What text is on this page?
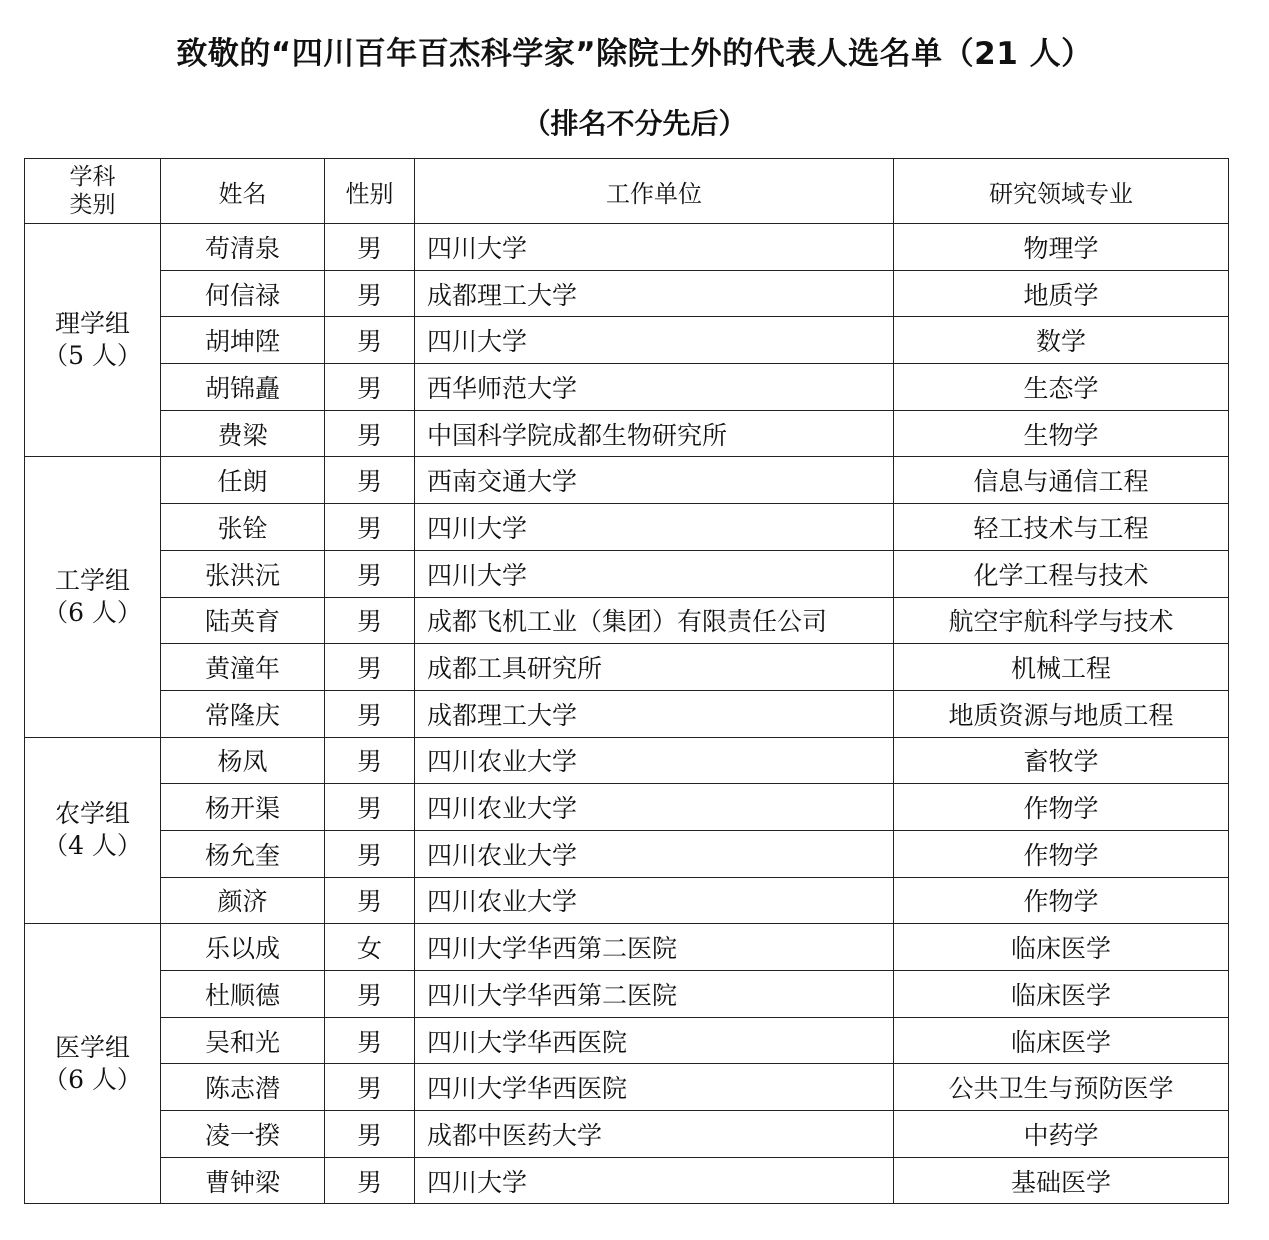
致敬的“四川百年百杰科学家”除院士外的代表人选名单（21 人）
（排名不分先后）
学科
类别	姓名	性别	工作单位	研究领域专业

理学组
（5 人）	苟清泉	男	四川大学	物理学
	何信禄	男	成都理工大学	地质学
	胡坤陞	男	四川大学	数学
	胡锦矗	男	西华师范大学	生态学
	费梁	男	中国科学院成都生物研究所	生物学

工学组
（6 人）	任朗	男	西南交通大学	信息与通信工程
	张铨	男	四川大学	轻工技术与工程
	张洪沅	男	四川大学	化学工程与技术
	陆英育	男	成都飞机工业（集团）有限责任公司	航空宇航科学与技术
	黄潼年	男	成都工具研究所	机械工程
	常隆庆	男	成都理工大学	地质资源与地质工程

农学组
（4 人）	杨凤	男	四川农业大学	畜牧学
	杨开渠	男	四川农业大学	作物学
	杨允奎	男	四川农业大学	作物学
	颜济	男	四川农业大学	作物学

医学组
（6 人）	乐以成	女	四川大学华西第二医院	临床医学
	杜顺德	男	四川大学华西第二医院	临床医学
	吴和光	男	四川大学华西医院	临床医学
	陈志潜	男	四川大学华西医院	公共卫生与预防医学
	凌一揆	男	成都中医药大学	中药学
	曹钟梁	男	四川大学	基础医学
